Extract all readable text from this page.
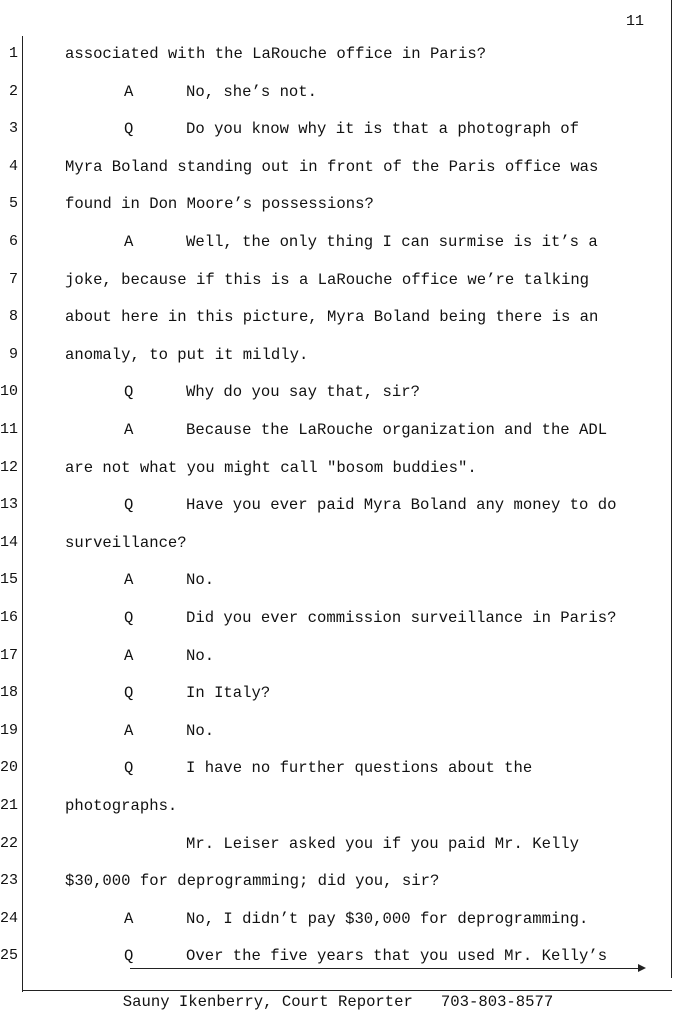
11
1	associated with the LaRouche office in Paris?
2	A	No, she’s not.
3	Q	Do you know why it is that a photograph of
4	Myra Boland standing out in front of the Paris office was
5	found in Don Moore’s possessions?
6	A	Well, the only thing I can surmise is it’s a
7	joke, because if this is a LaRouche office we’re talking
8	about here in this picture, Myra Boland being there is an
9	anomaly, to put it mildly.
10	Q	Why do you say that, sir?
11	A	Because the LaRouche organization and the ADL
12	are not what you might call "bosom buddies".
13	Q	Have you ever paid Myra Boland any money to do
14	surveillance?
15	A	No.
16	Q	Did you ever commission surveillance in Paris?
17	A	No.
18	Q	In Italy?
19	A	No.
20	Q	I have no further questions about the
21	photographs.
22	Mr. Leiser asked you if you paid Mr. Kelly
23	$30,000 for deprogramming; did you, sir?
24	A	No, I didn’t pay $30,000 for deprogramming.
25	Q	Over the five years that you used Mr. Kelly’s
Sauny Ikenberry, Court Reporter   703-803-8577
